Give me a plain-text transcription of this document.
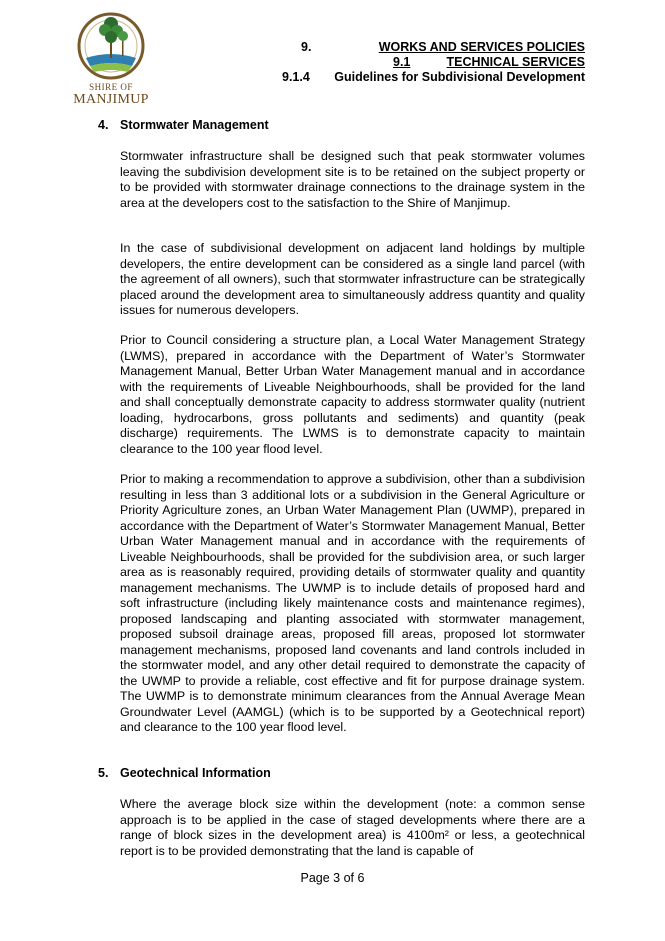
SHIRE OF
MANJIMUP
9.	WORKS AND SERVICES POLICIES
9.1	TECHNICAL SERVICES
9.1.4 Guidelines for Subdivisional Development
4. Stormwater Management

Stormwater infrastructure shall be designed such that peak stormwater volumes leaving the subdivision development site is to be retained on the subject property or to be provided with stormwater drainage connections to the drainage system in the area at the developers cost to the satisfaction to the Shire of Manjimup.

In the case of subdivisional development on adjacent land holdings by multiple developers, the entire development can be considered as a single land parcel (with the agreement of all owners), such that stormwater infrastructure can be strategically placed around the development area to simultaneously address quantity and quality issues for numerous developers.

Prior to Council considering a structure plan, a Local Water Management Strategy (LWMS), prepared in accordance with the Department of Water’s Stormwater Management Manual, Better Urban Water Management manual and in accordance with the requirements of Liveable Neighbourhoods, shall be provided for the land and shall conceptually demonstrate capacity to address stormwater quality (nutrient loading, hydrocarbons, gross pollutants and sediments) and quantity (peak discharge) requirements. The LWMS is to demonstrate capacity to maintain clearance to the 100 year flood level.

Prior to making a recommendation to approve a subdivision, other than a subdivision resulting in less than 3 additional lots or a subdivision in the General Agriculture or Priority Agriculture zones, an Urban Water Management Plan (UWMP), prepared in accordance with the Department of Water’s Stormwater Management Manual, Better Urban Water Management manual and in accordance with the requirements of Liveable Neighbourhoods, shall be provided for the subdivision area, or such larger area as is reasonably required, providing details of stormwater quality and quantity management mechanisms. The UWMP is to include details of proposed hard and soft infrastructure (including likely maintenance costs and maintenance regimes), proposed landscaping and planting associated with stormwater management, proposed subsoil drainage areas, proposed fill areas, proposed lot stormwater management mechanisms, proposed land covenants and land controls included in the stormwater model, and any other detail required to demonstrate the capacity of the UWMP to provide a reliable, cost effective and fit for purpose drainage system. The UWMP is to demonstrate minimum clearances from the Annual Average Mean Groundwater Level (AAMGL) (which is to be supported by a Geotechnical report) and clearance to the 100 year flood level.

5. Geotechnical Information

Where the average block size within the development (note: a common sense approach is to be applied in the case of staged developments where there are a range of block sizes in the development area) is 4100m² or less, a geotechnical report is to be provided demonstrating that the land is capable of

Page 3 of 6
